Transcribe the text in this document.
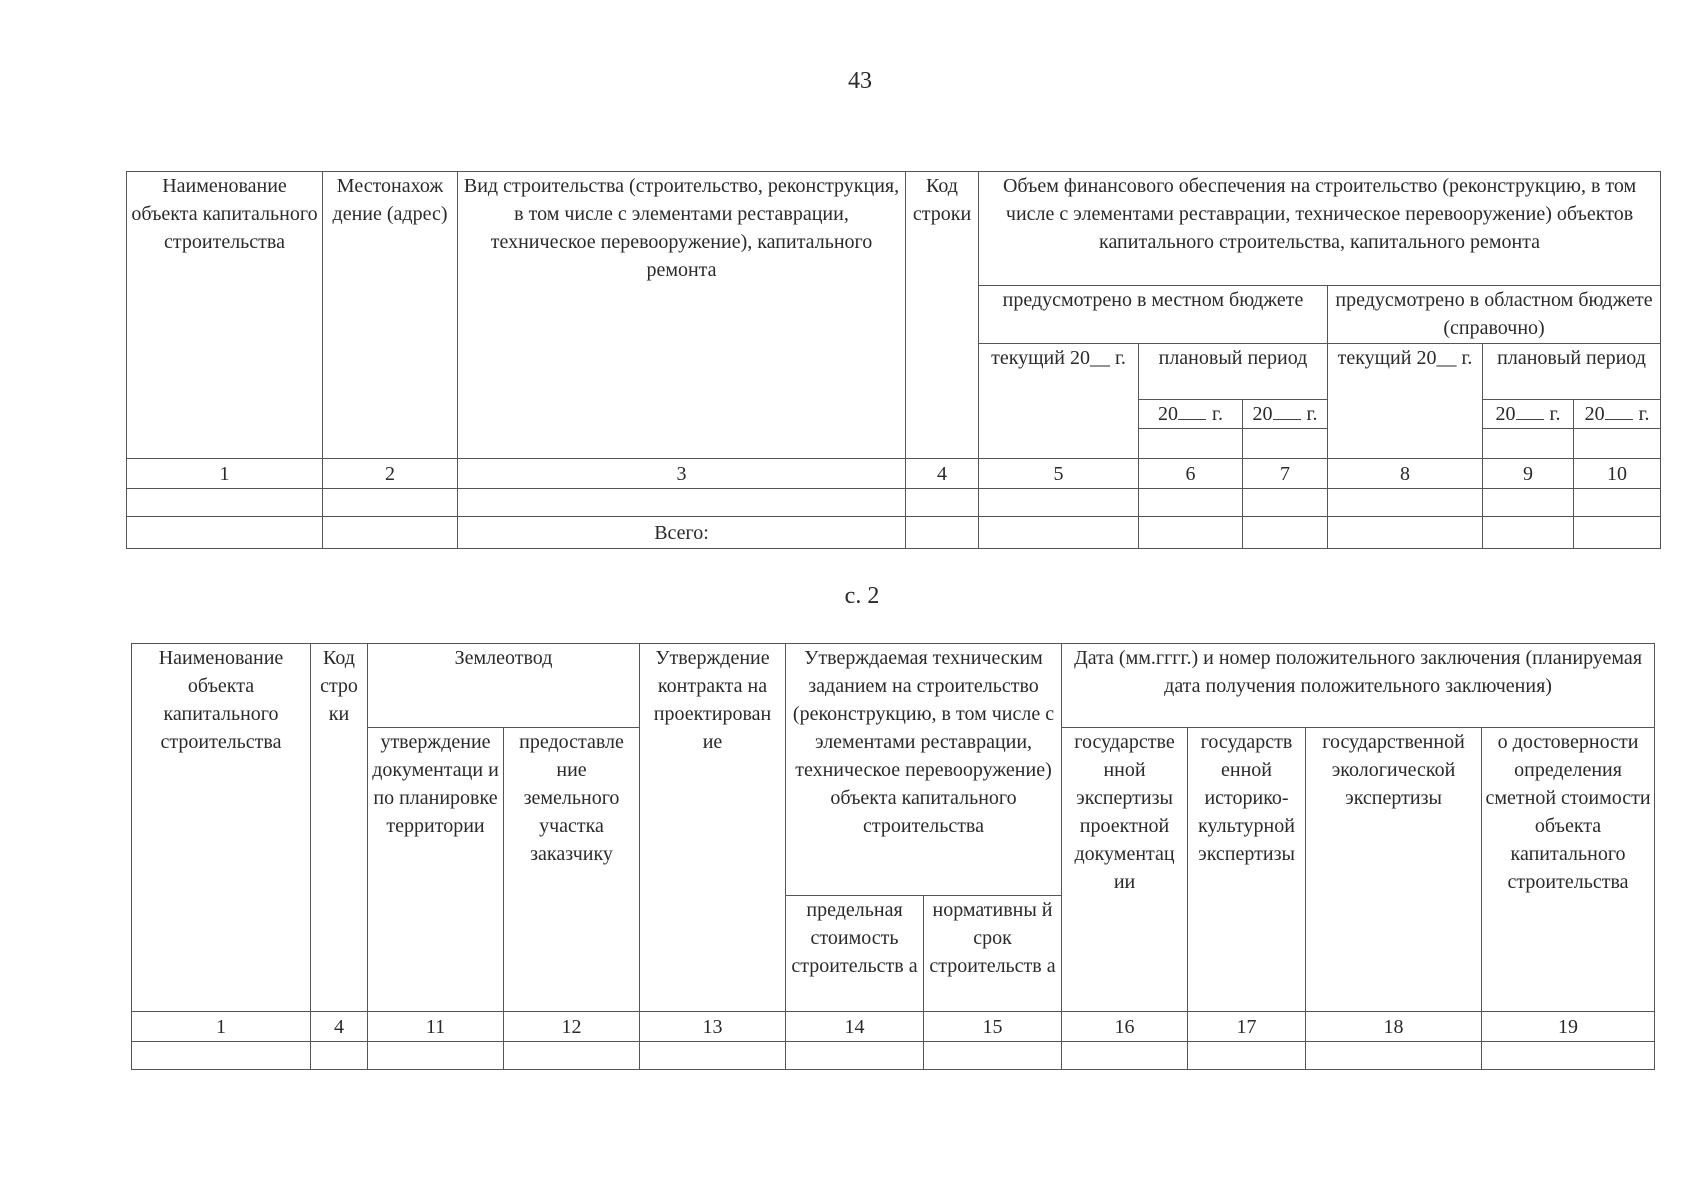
43
Наименование объекта капитального строительства	Местонахож дение (адрес)	Вид строительства (строительство, реконструкция, в том числе с элементами реставрации, техническое перевооружение), капитального ремонта	Код строки	Объем финансового обеспечения на строительство (реконструкцию, в том числе с элементами реставрации, техническое перевооружение) объектов капитального строительства, капитального ремонта					
				предусмотрено в местном бюджете			предусмотрено в областном бюджете (справочно)		
				текущий 20__ г.	плановый период		текущий 20__ г.	плановый период	
					20 г.	20 г.		20 г.	20 г.

1	2	3	4	5	6	7	8	9	10

		Всего:							
с. 2
Наименование объекта капитального строительства	Код стро ки	Землеотвод		Утверждение контракта на проектирован ие	Утверждаемая техническим заданием на строительство (реконструкцию, в том числе с элементами реставрации, техническое перевооружение) объекта капитального строительства		Дата (мм.гггг.) и номер положительного заключения (планируемая дата получения положительного заключения)			
		утверждение документаци и по планировке территории	предоставле ние земельного участка заказчику				государстве нной экспертизы проектной документац ии	государств енной историко- культурной экспертизы	государственной экологической экспертизы	о достоверности определения сметной стоимости объекта капитального строительства
					предельная стоимость строительств а	нормативны й срок строительств а				
1	4	11	12	13	14	15	16	17	18	19
